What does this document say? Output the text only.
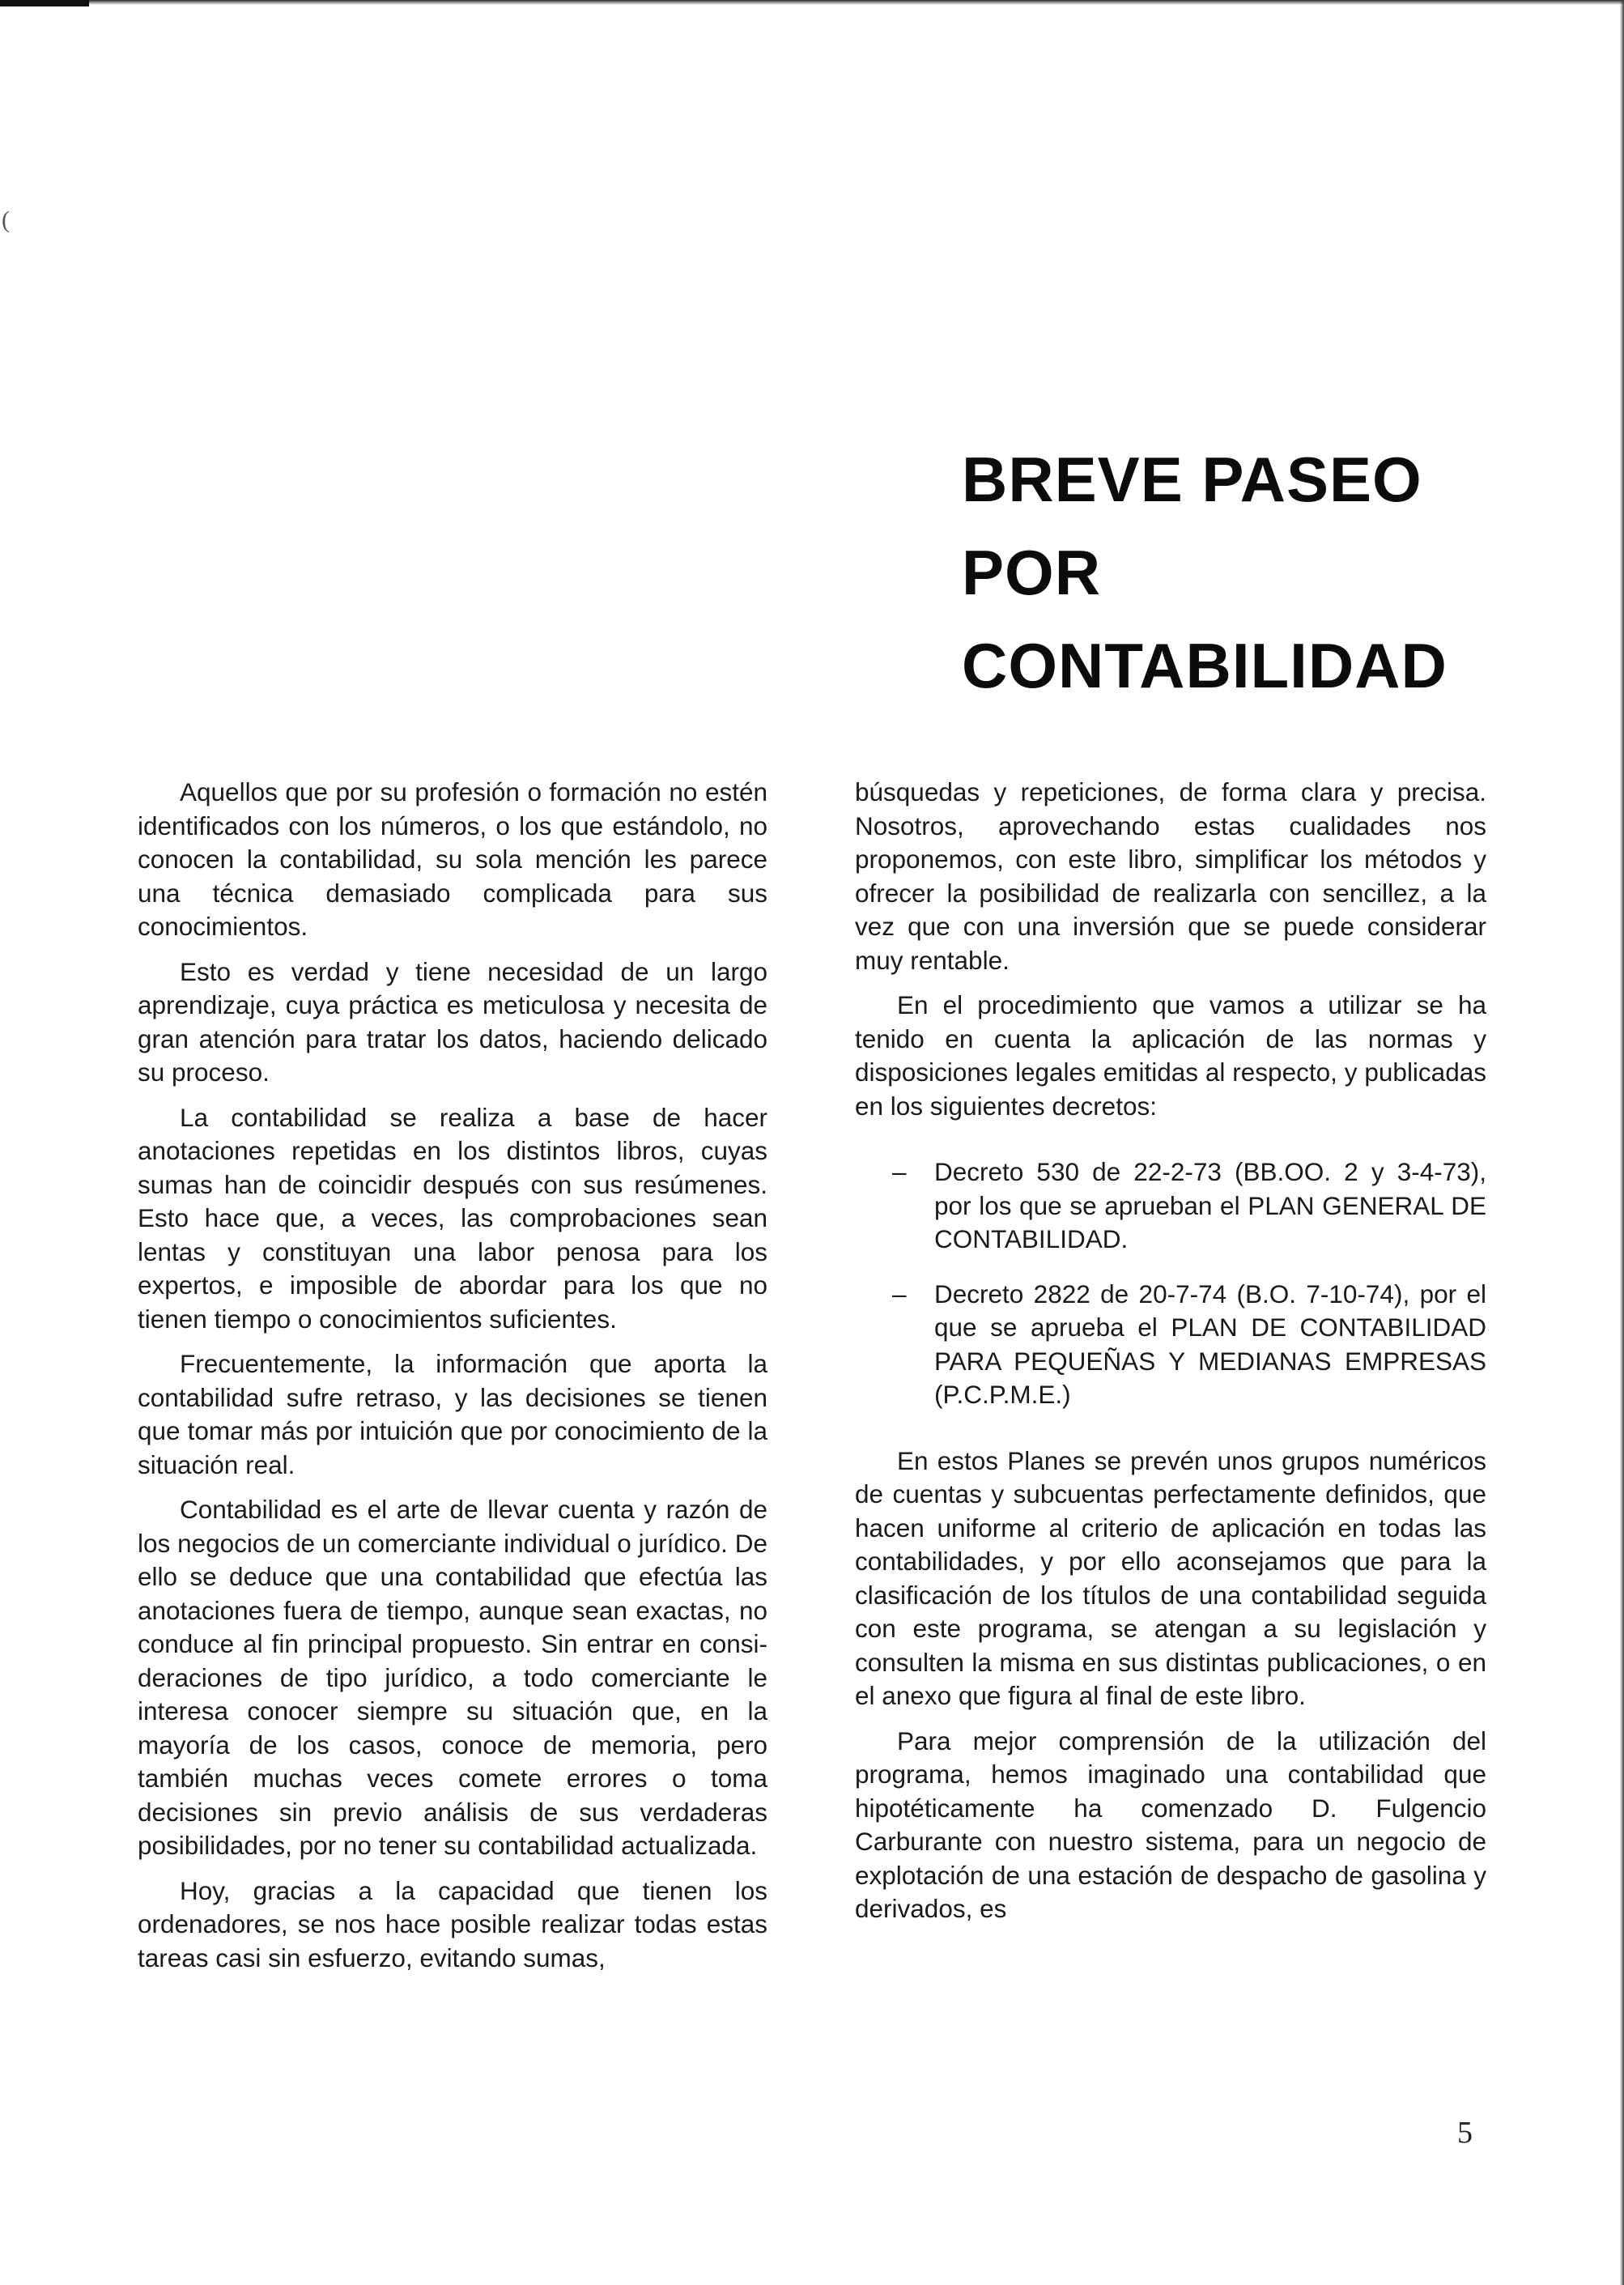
(
BREVE PASEO
POR
CONTABILIDAD

Aquellos que por su profesión o formación no estén identificados con los números, o los que estándolo, no conocen la contabilidad, su sola mención les parece una técnica demasiado complicada para sus conocimientos.

Esto es verdad y tiene necesidad de un largo aprendizaje, cuya práctica es meticulosa y necesita de gran atención para tratar los datos, haciendo delicado su proceso.

La contabilidad se realiza a base de hacer anotaciones repetidas en los distintos libros, cuyas sumas han de coincidir después con sus resúmenes. Esto hace que, a veces, las comprobaciones sean lentas y constituyan una labor penosa para los expertos, e imposible de abordar para los que no tienen tiempo o conocimientos suficientes.

Frecuentemente, la información que aporta la contabilidad sufre retraso, y las decisiones se tienen que tomar más por intuición que por conocimiento de la situación real.

Contabilidad es el arte de llevar cuenta y razón de los negocios de un comerciante individual o jurídico. De ello se deduce que una contabilidad que efectúa las anotaciones fuera de tiempo, aunque sean exactas, no conduce al fin principal propuesto. Sin entrar en consideraciones de tipo jurídico, a todo comerciante le interesa conocer siempre su situación que, en la mayoría de los casos, conoce de memoria, pero también muchas veces comete errores o toma decisiones sin previo análisis de sus verdaderas posibilidades, por no tener su contabilidad actualizada.

Hoy, gracias a la capacidad que tienen los ordenadores, se nos hace posible realizar todas estas tareas casi sin esfuerzo, evitando sumas,

búsquedas y repeticiones, de forma clara y precisa. Nosotros, aprovechando estas cualidades nos proponemos, con este libro, simplificar los métodos y ofrecer la posibilidad de realizarla con sencillez, a la vez que con una inversión que se puede considerar muy rentable.

En el procedimiento que vamos a utilizar se ha tenido en cuenta la aplicación de las normas y disposiciones legales emitidas al respecto, y publicadas en los siguientes decretos:

– Decreto 530 de 22-2-73 (BB.OO. 2 y 3-4-73), por los que se aprueban el PLAN GENERAL DE CONTABILIDAD.
– Decreto 2822 de 20-7-74 (B.O. 7-10-74), por el que se aprueba el PLAN DE CONTABILIDAD PARA PEQUEÑAS Y MEDIANAS EMPRESAS (P.C.P.M.E.)

En estos Planes se prevén unos grupos numéricos de cuentas y subcuentas perfectamente definidos, que hacen uniforme al criterio de aplicación en todas las contabilidades, y por ello aconsejamos que para la clasificación de los títulos de una contabilidad seguida con este programa, se atengan a su legislación y consulten la misma en sus distintas publicaciones, o en el anexo que figura al final de este libro.

Para mejor comprensión de la utilización del programa, hemos imaginado una contabilidad que hipotéticamente ha comenzado D. Fulgencio Carburante con nuestro sistema, para un negocio de explotación de una estación de despacho de gasolina y derivados, es

5
